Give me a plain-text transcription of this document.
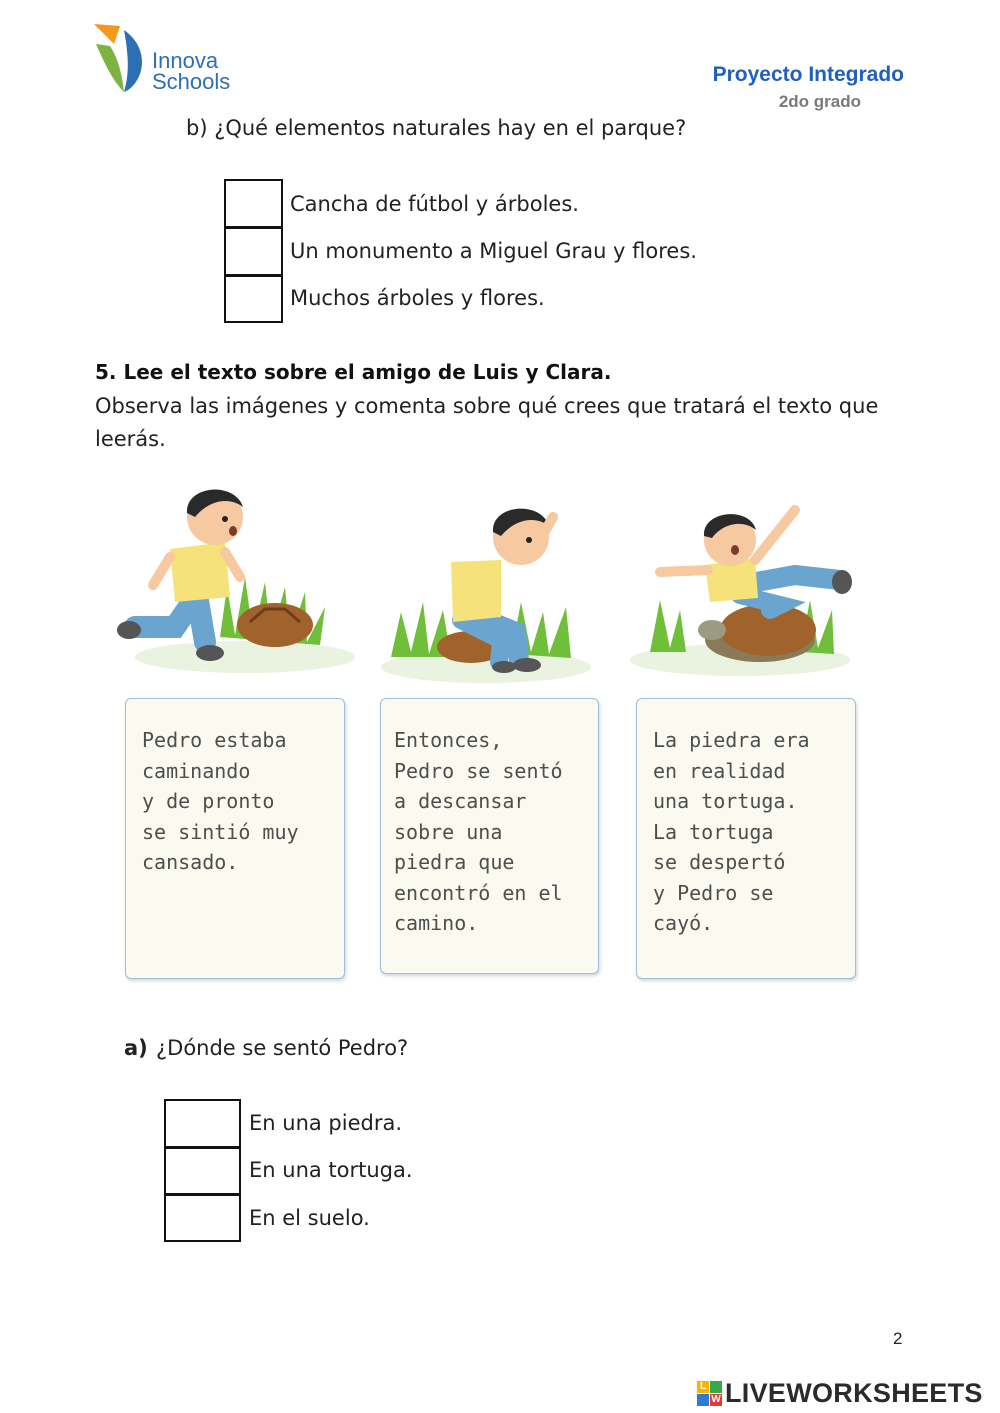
Innova
Schools	Proyecto Integrado
2do grado
b) ¿Qué elementos naturales hay en el parque?
Cancha de fútbol y árboles.
Un monumento a Miguel Grau y flores.
Muchos árboles y flores.
5. Lee el texto sobre el amigo de Luis y Clara.
Observa las imágenes y comenta sobre qué crees que tratará el texto que leerás.
Pedro estaba
caminando
y de pronto
se sintió muy
cansado.
Entonces,
Pedro se sentó
a descansar
sobre una
piedra que
encontró en el
camino.
La piedra era
en realidad
una tortuga.
La tortuga
se despertó
y Pedro se
cayó.
a) ¿Dónde se sentó Pedro?
En una piedra.
En una tortuga.
En el suelo.
2
L
W LIVEWORKSHEETS
